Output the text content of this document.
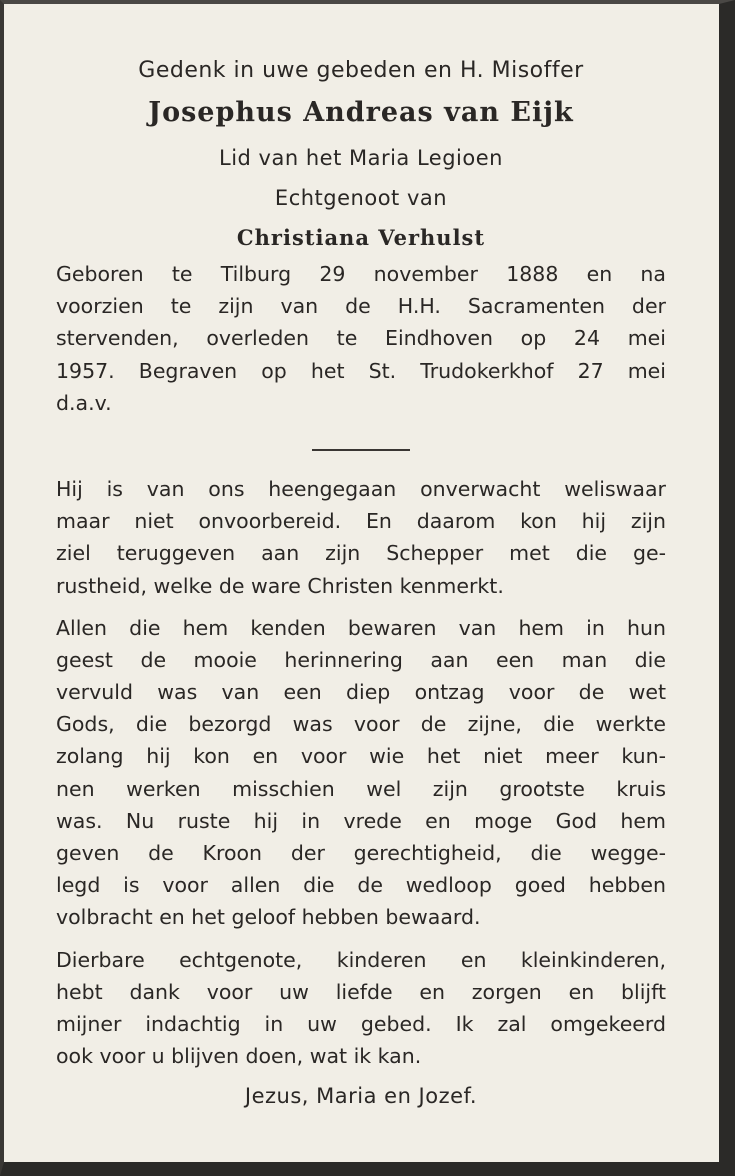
Gedenk in uwe gebeden en H. Misoffer
Josephus Andreas van Eijk
Lid van het Maria Legioen
Echtgenoot van
Christiana Verhulst
Geboren te Tilburg 29 november 1888 en na
voorzien te zijn van de H.H. Sacramenten der
stervenden, overleden te Eindhoven op 24 mei
1957. Begraven op het St. Trudokerkhof 27 mei
d.a.v.
Hij is van ons heengegaan onverwacht weliswaar
maar niet onvoorbereid. En daarom kon hij zijn
ziel teruggeven aan zijn Schepper met die ge-
rustheid, welke de ware Christen kenmerkt.
Allen die hem kenden bewaren van hem in hun
geest de mooie herinnering aan een man die
vervuld was van een diep ontzag voor de wet
Gods, die bezorgd was voor de zijne, die werkte
zolang hij kon en voor wie het niet meer kun-
nen werken misschien wel zijn grootste kruis
was. Nu ruste hij in vrede en moge God hem
geven de Kroon der gerechtigheid, die wegge-
legd is voor allen die de wedloop goed hebben
volbracht en het geloof hebben bewaard.
Dierbare echtgenote, kinderen en kleinkinderen,
hebt dank voor uw liefde en zorgen en blijft
mijner indachtig in uw gebed. Ik zal omgekeerd
ook voor u blijven doen, wat ik kan.
Jezus, Maria en Jozef.
